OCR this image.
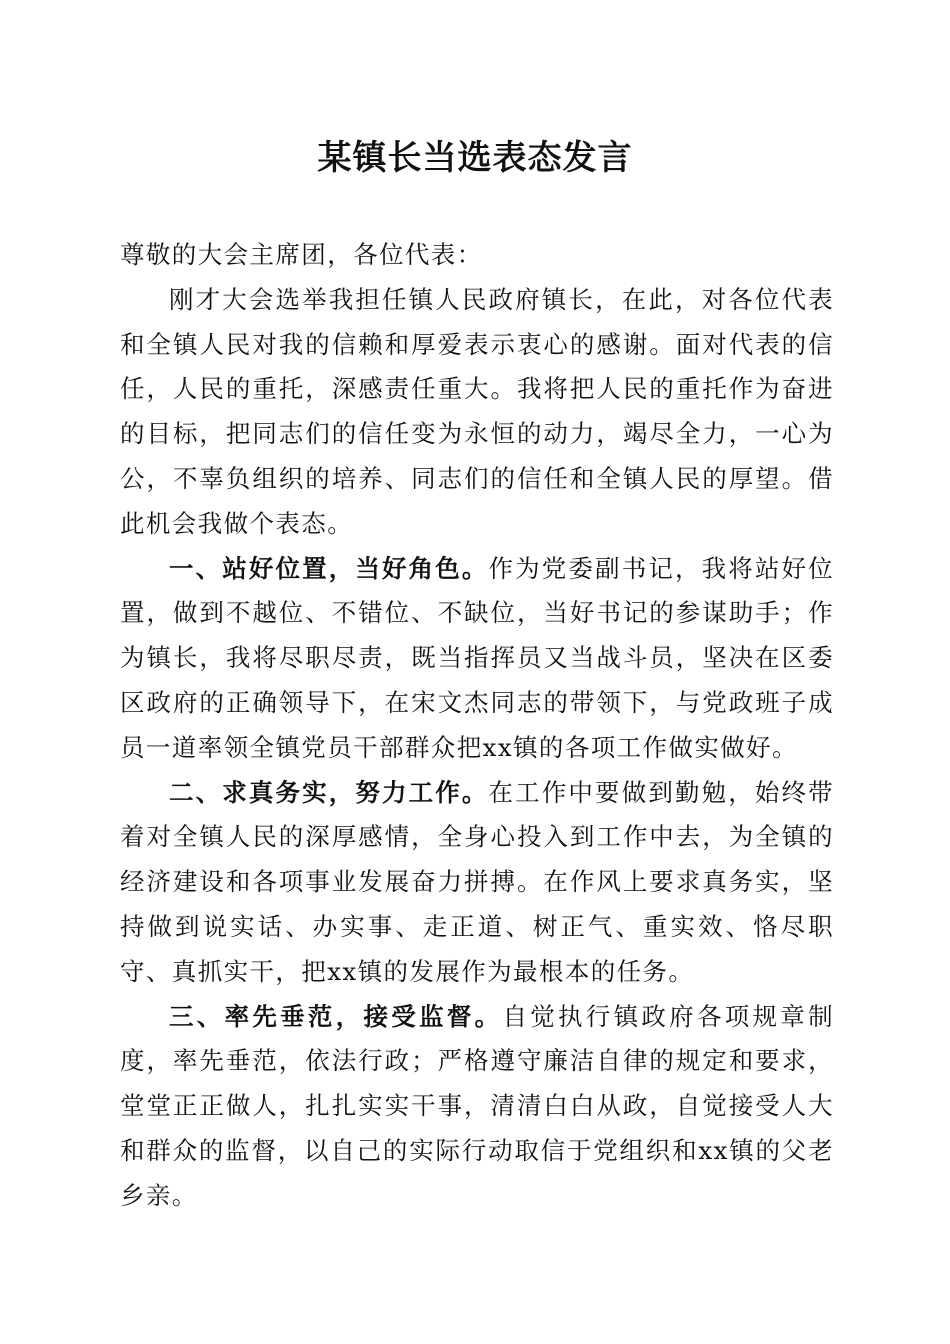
某镇长当选表态发言

尊敬的大会主席团，各位代表：

刚才大会选举我担任镇人民政府镇长，在此，对各位代表和全镇人民对我的信赖和厚爱表示衷心的感谢。面对代表的信任，人民的重托，深感责任重大。我将把人民的重托作为奋进的目标，把同志们的信任变为永恒的动力，竭尽全力，一心为公，不辜负组织的培养、同志们的信任和全镇人民的厚望。借此机会我做个表态。

一、站好位置，当好角色。作为党委副书记，我将站好位置，做到不越位、不错位、不缺位，当好书记的参谋助手；作为镇长，我将尽职尽责，既当指挥员又当战斗员，坚决在区委区政府的正确领导下，在宋文杰同志的带领下，与党政班子成员一道率领全镇党员干部群众把xx镇的各项工作做实做好。

二、求真务实，努力工作。在工作中要做到勤勉，始终带着对全镇人民的深厚感情，全身心投入到工作中去，为全镇的经济建设和各项事业发展奋力拼搏。在作风上要求真务实，坚持做到说实话、办实事、走正道、树正气、重实效、恪尽职守、真抓实干，把xx镇的发展作为最根本的任务。

三、率先垂范，接受监督。自觉执行镇政府各项规章制度，率先垂范，依法行政；严格遵守廉洁自律的规定和要求，堂堂正正做人，扎扎实实干事，清清白白从政，自觉接受人大和群众的监督，以自己的实际行动取信于党组织和xx镇的父老乡亲。
